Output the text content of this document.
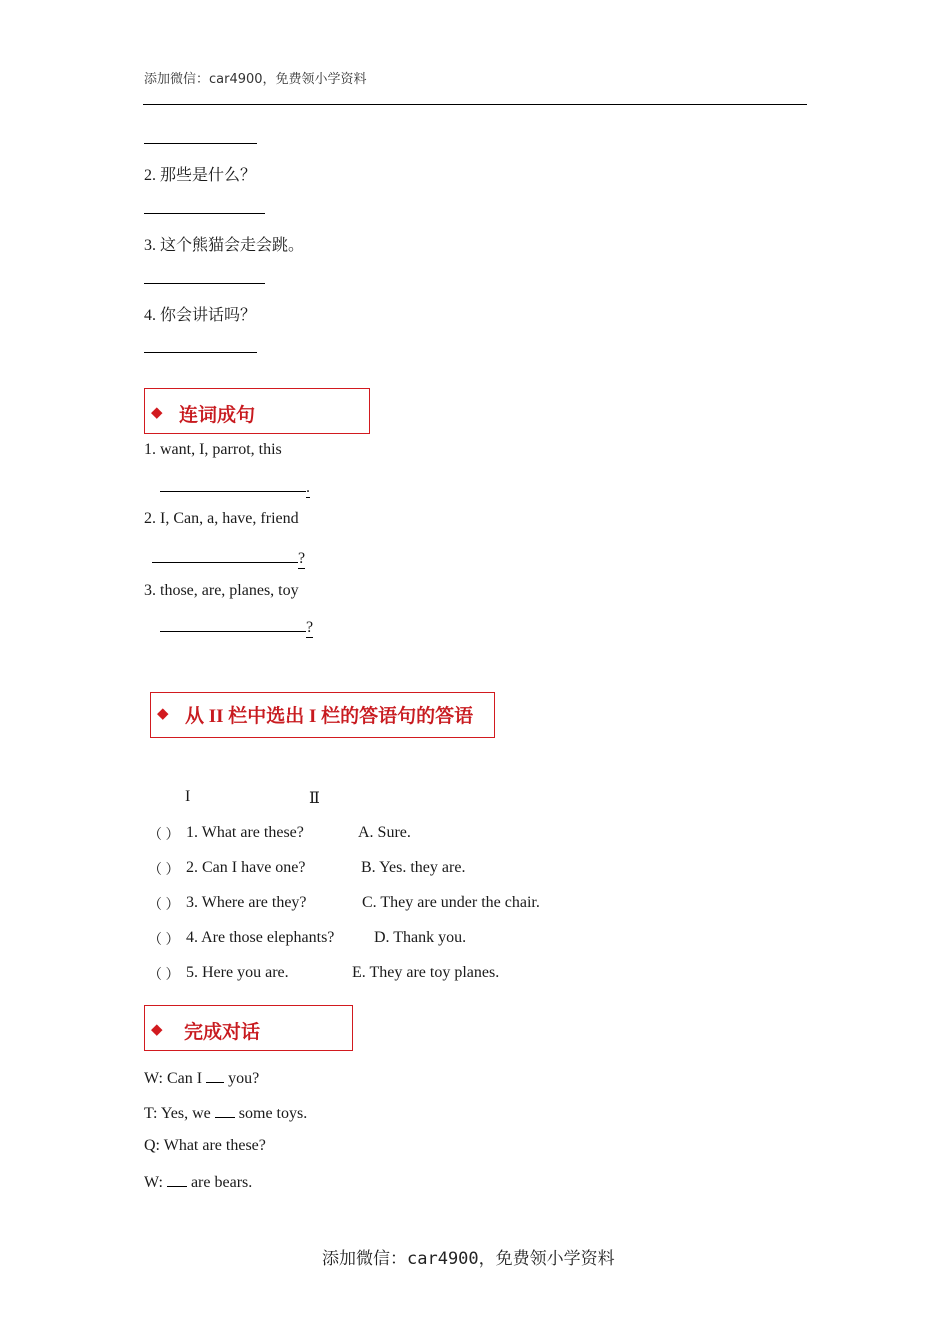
添加微信：car4900，免费领小学资料
2. 那些是什么？
3. 这个熊猫会走会跳。
4. 你会讲话吗？
◆ 连词成句
1. want, I, parrot, this
.
2. I, Can, a, have, friend
?
3. those, are, planes, toy
?
◆ 从 II 栏中选出 I 栏的答语句的答语
I	Ⅱ
（ ） 1. What are these?	A. Sure.
（ ） 2. Can I have one?	B. Yes. they are.
（ ） 3. Where are they?	C. They are under the chair.
（ ） 4. Are those elephants? D. Thank you.
（ ） 5. Here you are.	E. They are toy planes.
◆ 完成对话
W: Can I  you?
T: Yes, we  some toys.
Q: What are these?
W:  are bears.
添加微信：car4900，免费领小学资料
